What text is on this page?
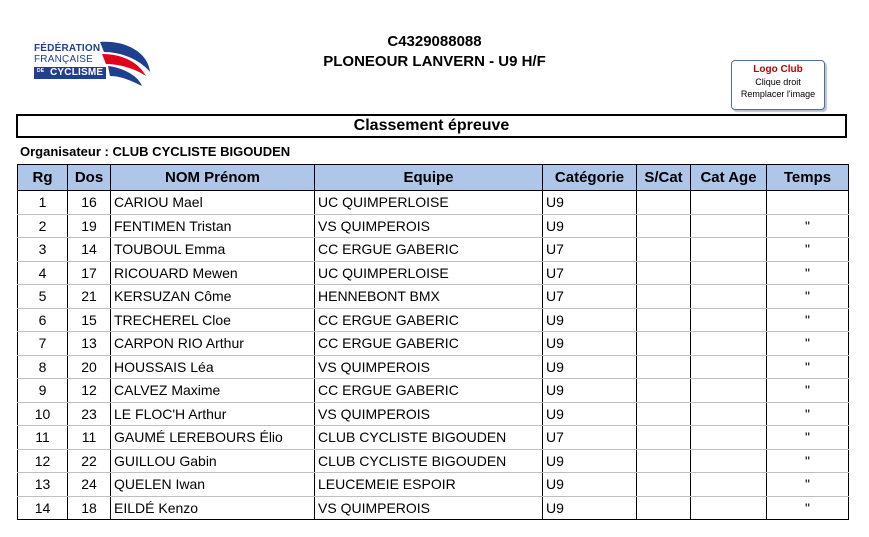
FÉDÉRATION
FRANÇAISE
DE CYCLISME
C4329088088
PLONEOUR LANVERN - U9 H/F	Logo Club
Clique droit
Remplacer l'image
Classement épreuve
Organisateur : CLUB CYCLISTE BIGOUDEN
Rg	Dos	NOM Prénom	Equipe	Catégorie	S/Cat	Cat Age	Temps
1	16	CARIOU Mael	UC QUIMPERLOISE	U9			
2	19	FENTIMEN Tristan	VS QUIMPEROIS	U9			"
3	14	TOUBOUL Emma	CC ERGUE GABERIC	U7			"
4	17	RICOUARD Mewen	UC QUIMPERLOISE	U7			"
5	21	KERSUZAN Côme	HENNEBONT BMX	U7			"
6	15	TRECHEREL Cloe	CC ERGUE GABERIC	U9			"
7	13	CARPON RIO Arthur	CC ERGUE GABERIC	U9			"
8	20	HOUSSAIS Léa	VS QUIMPEROIS	U9			"
9	12	CALVEZ Maxime	CC ERGUE GABERIC	U9			"
10	23	LE FLOC'H Arthur	VS QUIMPEROIS	U9			"
11	11	GAUMÉ LEREBOURS Élio	CLUB CYCLISTE BIGOUDEN	U7			"
12	22	GUILLOU Gabin	CLUB CYCLISTE BIGOUDEN	U9			"
13	24	QUELEN Iwan	LEUCEMEIE ESPOIR	U9			"
14	18	EILDÉ Kenzo	VS QUIMPEROIS	U9			"
